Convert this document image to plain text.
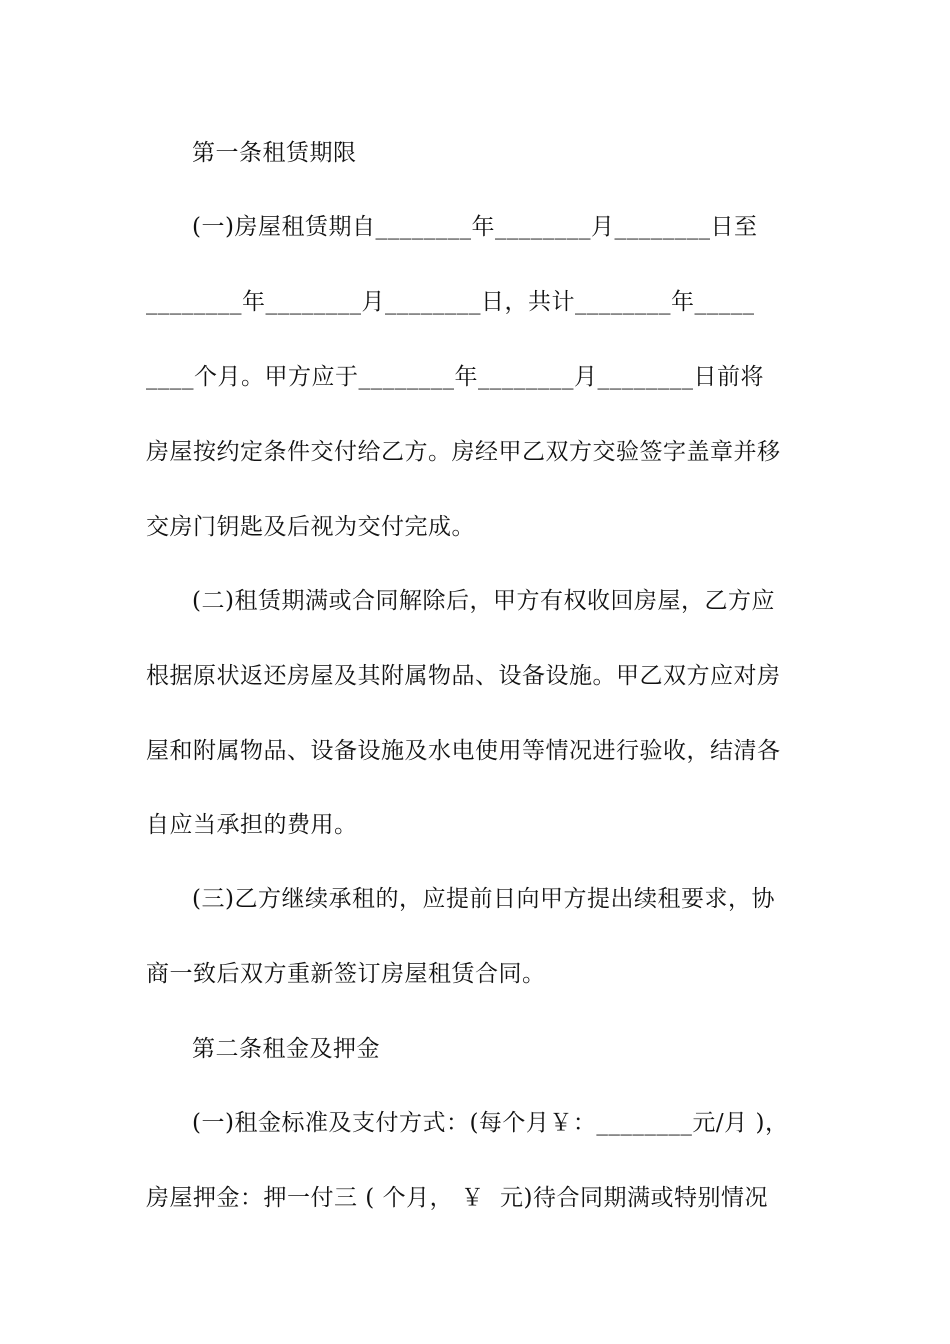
第一条租赁期限
(一)房屋租赁期自________年________月________日至
________年________月________日，共计________年_____
____个月。甲方应于________年________月________日前将
房屋按约定条件交付给乙方。房经甲乙双方交验签字盖章并移
交房门钥匙及后视为交付完成。
(二)租赁期满或合同解除后，甲方有权收回房屋，乙方应
根据原状返还房屋及其附属物品、设备设施。甲乙双方应对房
屋和附属物品、设备设施及水电使用等情况进行验收，结清各
自应当承担的费用。
(三)乙方继续承租的，应提前日向甲方提出续租要求，协
商一致后双方重新签订房屋租赁合同。
第二条租金及押金
(一)租金标准及支付方式：(每个月￥：________元/月 )，
房屋押金：押一付三 ( 个月， ￥  元)待合同期满或特别情况
